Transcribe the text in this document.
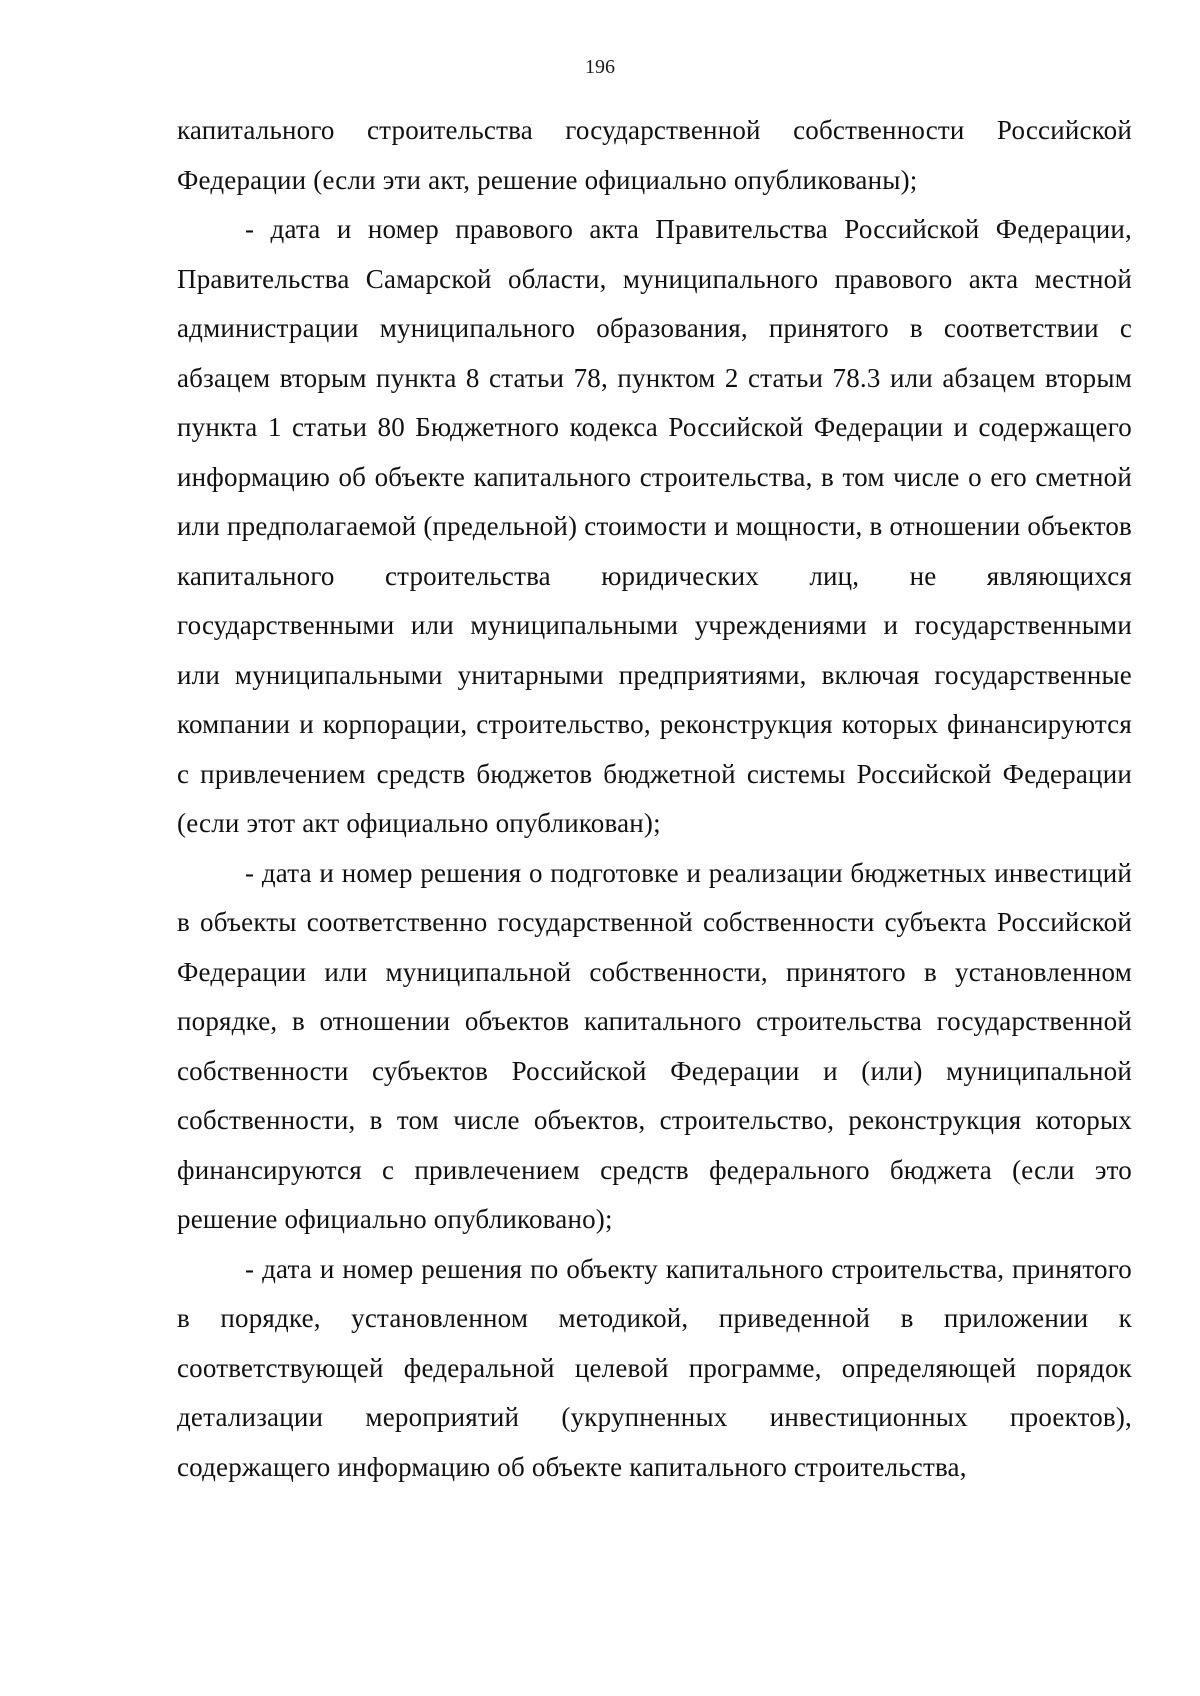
196

капитального строительства государственной собственности Российской Федерации (если эти акт, решение официально опубликованы);

- дата и номер правового акта Правительства Российской Федерации, Правительства Самарской области, муниципального правового акта местной администрации муниципального образования, принятого в соответствии с абзацем вторым пункта 8 статьи 78, пунктом 2 статьи 78.3 или абзацем вторым пункта 1 статьи 80 Бюджетного кодекса Российской Федерации и содержащего информацию об объекте капитального строительства, в том числе о его сметной или предполагаемой (предельной) стоимости и мощности, в отношении объектов капитального строительства юридических лиц, не являющихся государственными или муниципальными учреждениями и государственными или муниципальными унитарными предприятиями, включая государственные компании и корпорации, строительство, реконструкция которых финансируются с привлечением средств бюджетов бюджетной системы Российской Федерации (если этот акт официально опубликован);

- дата и номер решения о подготовке и реализации бюджетных инвестиций в объекты соответственно государственной собственности субъекта Российской Федерации или муниципальной собственности, принятого в установленном порядке, в отношении объектов капитального строительства государственной собственности субъектов Российской Федерации и (или) муниципальной собственности, в том числе объектов, строительство, реконструкция которых финансируются с привлечением средств федерального бюджета (если это решение официально опубликовано);

- дата и номер решения по объекту капитального строительства, принятого в порядке, установленном методикой, приведенной в приложении к соответствующей федеральной целевой программе, определяющей порядок детализации мероприятий (укрупненных инвестиционных проектов), содержащего информацию об объекте капитального строительства,
